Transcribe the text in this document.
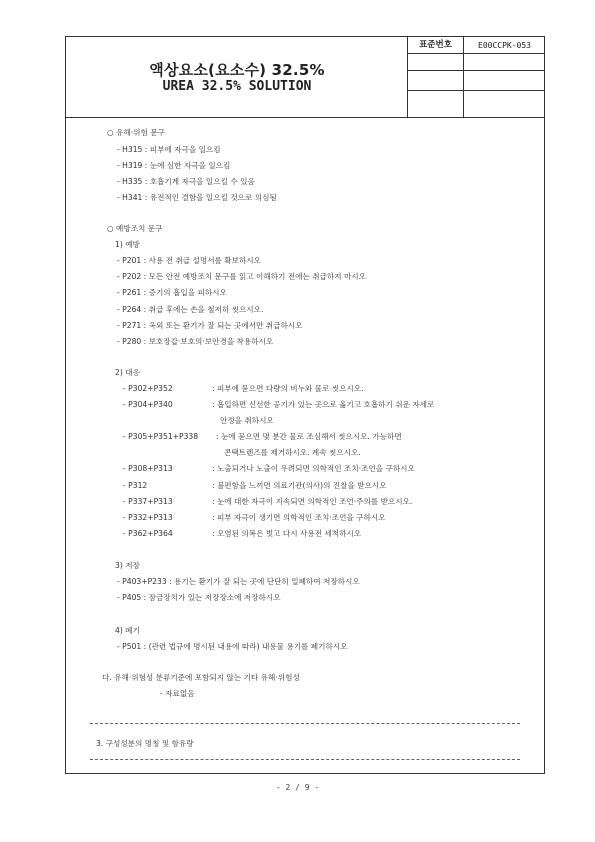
액상요소(요소수) 32.5%
UREA 32.5% SOLUTION
표준번호	E00CCPK-053
○ 유해·위험 문구
- H315 : 피부에 자극을 일으킴
- H319 : 눈에 심한 자극을 일으킴
- H335 : 호흡기계 자극을 일으킬 수 있음
- H341 : 유전적인 결함을 일으킬 것으로 의심됨
○ 예방조치 문구
1) 예방
- P201 : 사용 전 취급 설명서를 확보하시오
- P202 : 모든 안전 예방조치 문구를 읽고 이해하기 전에는 취급하지 마시오
- P261 : 증기의 흡입을 피하시오
- P264 : 취급 후에는 손을 철저히 씻으시오.
- P271 : 옥외 또는 환기가 잘 되는 곳에서만 취급하시오
- P280 : 보호장갑·보호의·보안경을 착용하시오
2) 대응
- P302+P352	: 피부에 묻으면 다량의 비누와 물로 씻으시오.
- P304+P340	: 흡입하면 신선한 공기가 있는 곳으로 옮기고 호흡하기 쉬운 자세로
안정을 취하시오
- P305+P351+P338 : 눈에 묻으면 몇 분간 물로 조심해서 씻으시오. 가능하면
콘택트렌즈를 제거하시오. 계속 씻으시오.
- P308+P313	: 노출되거나 노출이 우려되면 의학적인 조치·조언을 구하시오
- P312	: 불편함을 느끼면 의료기관(의사)의 진찰을 받으시오
- P337+P313	: 눈에 대한 자극이 지속되면 의학적인 조언·주의를 받으시오.
- P332+P313	: 피부 자극이 생기면 의학적인 조치·조언을 구하시오
- P362+P364	: 오염된 의복은 벗고 다시 사용전 세척하시오
3) 저장
- P403+P233 : 용기는 환기가 잘 되는 곳에 단단히 밀폐하여 저장하시오
- P405 : 잠금장치가 있는 저장장소에 저장하시오
4) 폐기
- P501 : (관련 법규에 명시된 내용에 따라) 내용물 용기를 폐기하시오
다. 유해·위험성 분류기준에 포함되지 않는 기타 유해·위험성
- 자료없음
3. 구성성분의 명칭 및 함유량
- 2 / 9 -
